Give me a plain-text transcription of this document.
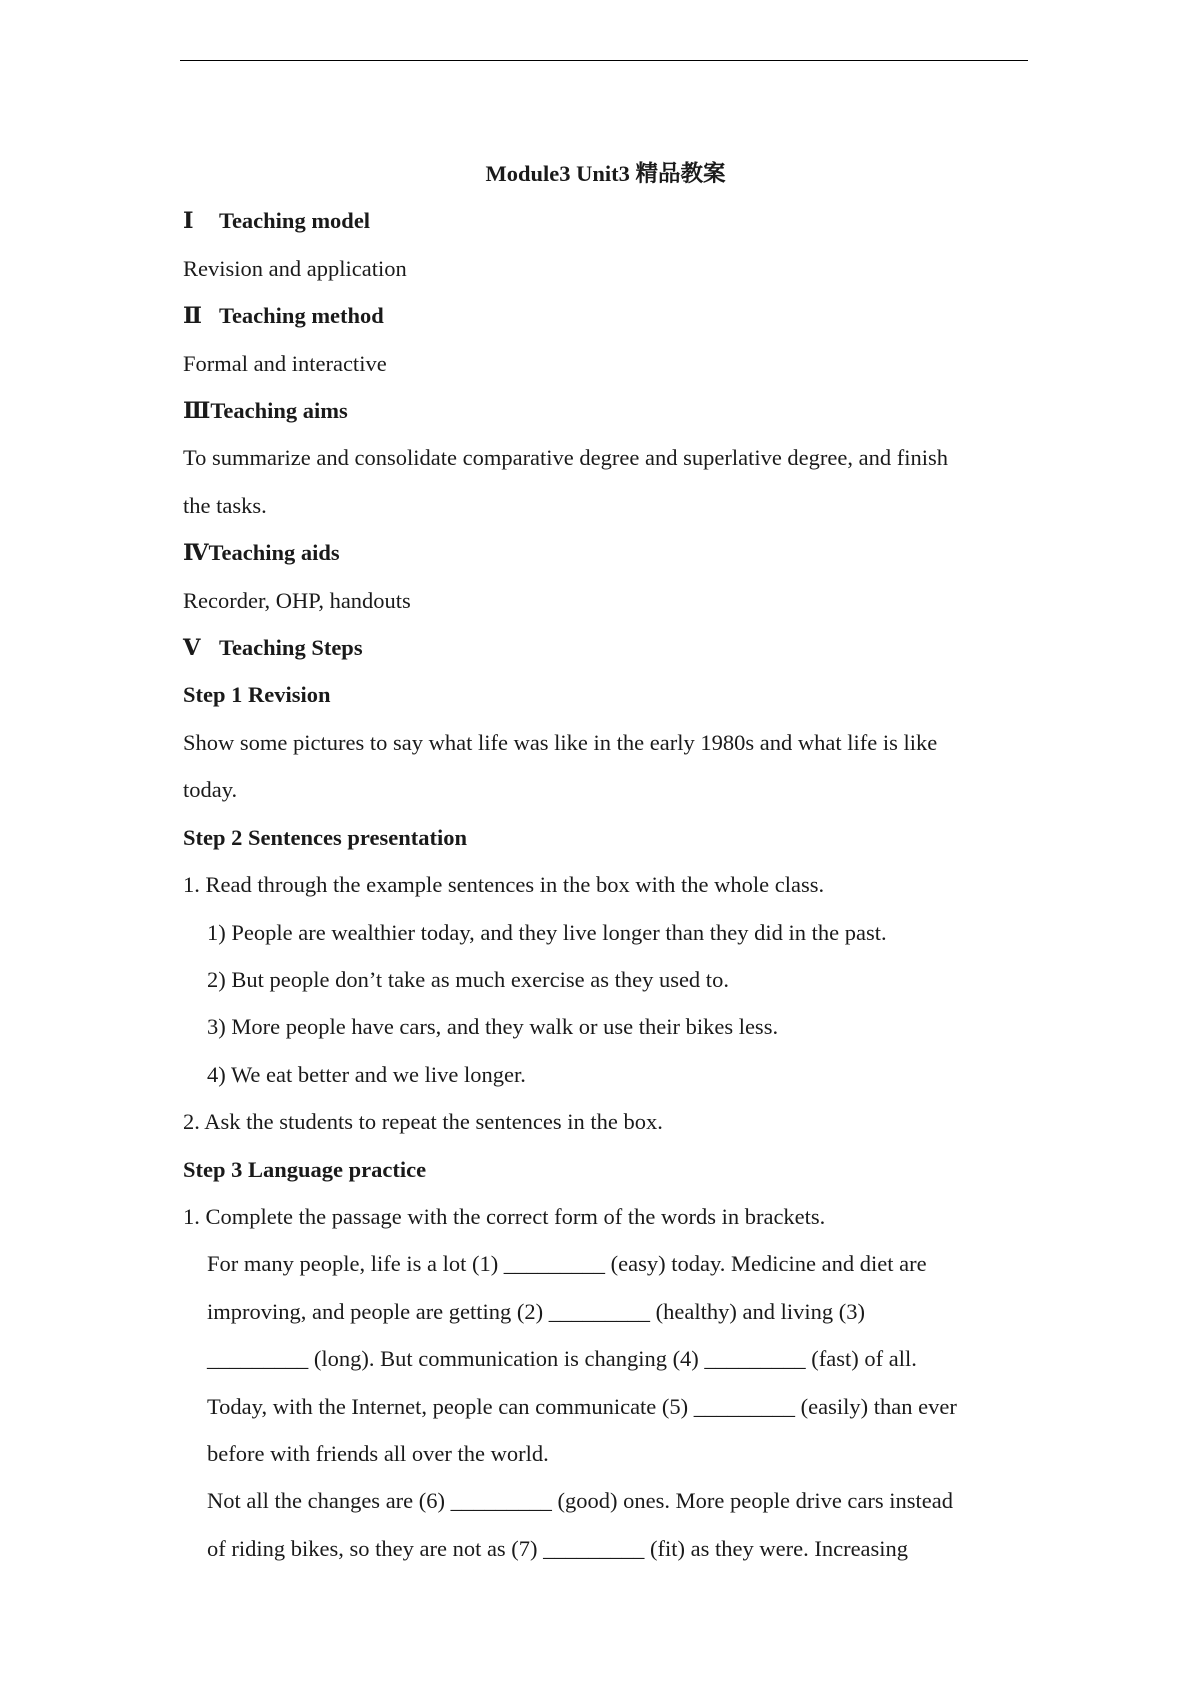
Module3 Unit3 精品教案
Ⅰ Teaching model
Revision and application
Ⅱ Teaching method
Formal and interactive
ⅢTeaching aims
To summarize and consolidate comparative degree and superlative degree, and finish
the tasks.
ⅣTeaching aids
Recorder, OHP, handouts
Ⅴ Teaching Steps
Step 1 Revision
Show some pictures to say what life was like in the early 1980s and what life is like
today.
Step 2 Sentences presentation
1. Read through the example sentences in the box with the whole class.
1) People are wealthier today, and they live longer than they did in the past.
2) But people don’t take as much exercise as they used to.
3) More people have cars, and they walk or use their bikes less.
4) We eat better and we live longer.
2. Ask the students to repeat the sentences in the box.
Step 3 Language practice
1. Complete the passage with the correct form of the words in brackets.
For many people, life is a lot (1) _________ (easy) today. Medicine and diet are
improving, and people are getting (2) _________ (healthy) and living (3)
_________ (long). But communication is changing (4) _________ (fast) of all.
Today, with the Internet, people can communicate (5) _________ (easily) than ever
before with friends all over the world.
Not all the changes are (6) _________ (good) ones. More people drive cars instead
of riding bikes, so they are not as (7) _________ (fit) as they were. Increasing
